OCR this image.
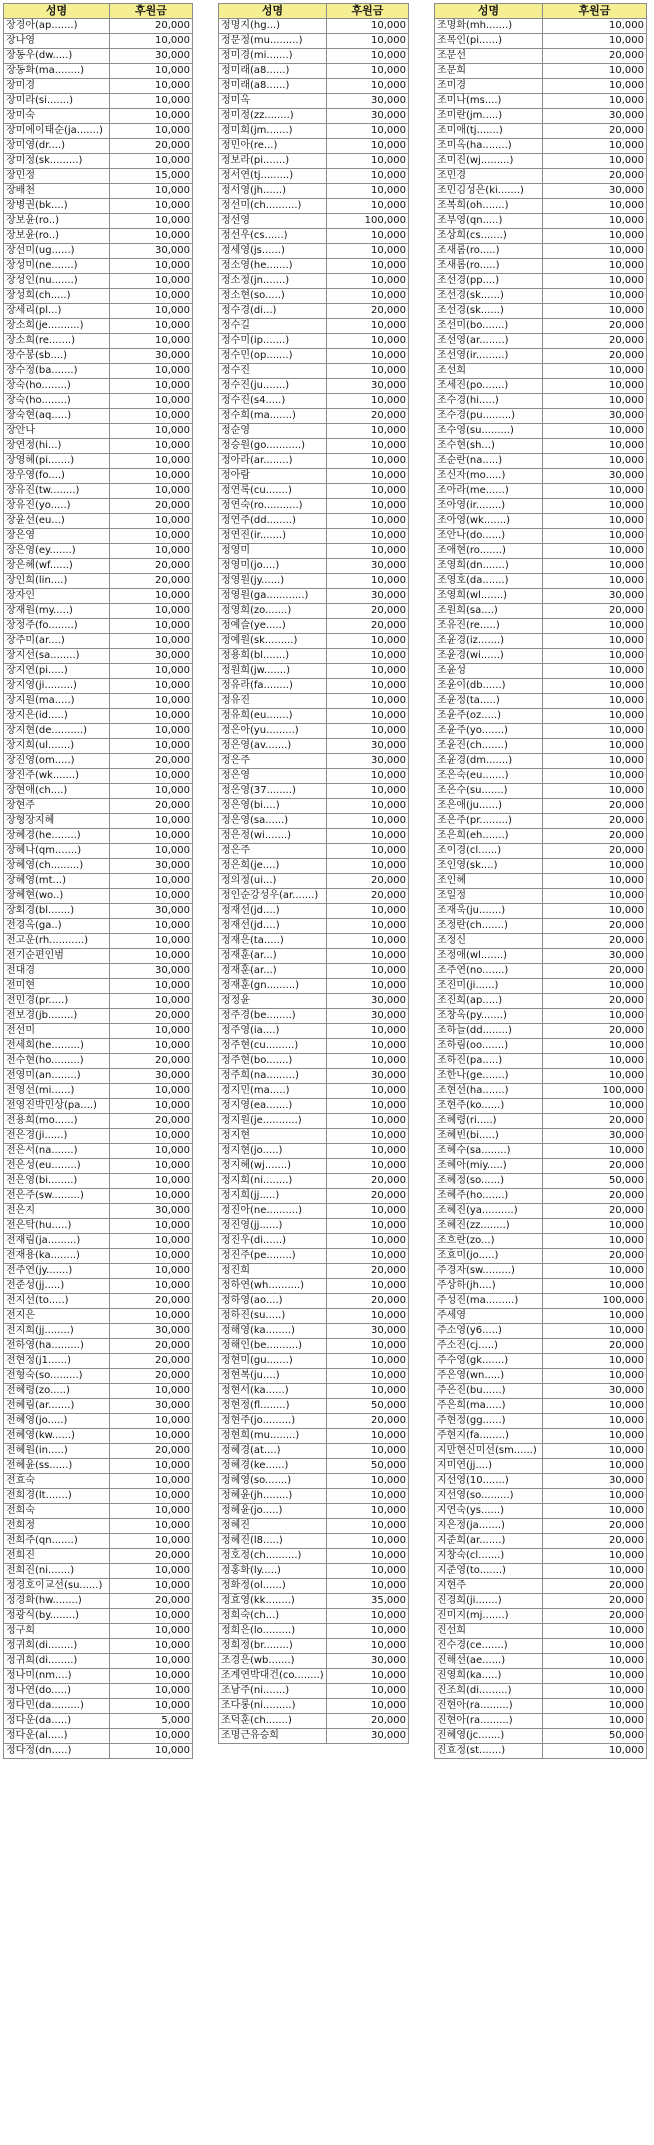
성명	후원금
장경아(ap.......)	20,000
장나영	10,000
장동우(dw.....)	30,000
장동화(ma........)	10,000
장미경	10,000
장미라(si.......)	10,000
장미숙	10,000
장미에이태순(ja.......)	10,000
장미영(dr....)	20,000
장미정(sk.........)	10,000
장민정	15,000
장배천	10,000
장병권(bk....)	10,000
장보윤(ro..)	10,000
장보윤(ro..)	10,000
장선미(ug......)	30,000
장성미(ne.......)	10,000
장성인(nu.......)	10,000
장성희(ch.....)	10,000
장세리(pl...)	10,000
장소희(je..........)	10,000
장소희(re.......)	10,000
장수봉(sb....)	30,000
장수정(ba.......)	10,000
장숙(ho........)	10,000
장숙(ho........)	10,000
장숙현(aq.....)	10,000
장안나	10,000
장연정(hi...)	10,000
장영혜(pi.......)	10,000
장우영(fo....)	10,000
장유진(tw........)	10,000
장유진(yo.....)	20,000
장윤선(eu...)	10,000
장은영	10,000
장은영(ey.......)	10,000
장은혜(wf......)	20,000
장인희(lin....)	20,000
장자인	10,000
장재원(my.....)	10,000
장정주(fo........)	10,000
장주미(ar....)	10,000
장지선(sa........)	30,000
장지연(pi.....)	10,000
장지영(ji.........)	10,000
장지원(ma.....)	10,000
장지은(id.....)	10,000
장지현(de..........)	10,000
장지희(ul.......)	10,000
장진영(om.....)	20,000
장진주(wk.......)	10,000
장현애(ch....)	10,000
장현주	20,000
장형장지혜	10,000
장혜경(he........)	10,000
장혜나(qm.......)	10,000
장혜영(ch.........)	30,000
장혜영(mt...)	10,000
장혜현(wo..)	10,000
장회경(bl.......)	30,000
전경옥(ga..)	10,000
전고운(rh...........)	10,000
전기순편인범	10,000
전대경	30,000
전미현	10,000
전민경(pr.....)	10,000
전보경(jb........)	20,000
전선미	10,000
전세희(he.........)	10,000
전수현(ho.........)	20,000
전영미(an........)	30,000
전영선(mi......)	10,000
전영진박민상(pa....)	10,000
전용희(mo......)	20,000
전은경(ji......)	10,000
전은서(na.......)	10,000
전은성(eu........)	10,000
전은영(bi........)	10,000
전은주(sw.........)	10,000
전은지	30,000
전은탁(hu.....)	10,000
전재림(ja.........)	10,000
전재용(ka........)	10,000
전주연(jy.......)	10,000
전준성(jj.....)	10,000
전지선(to.....)	20,000
전지은	10,000
전지희(jj........)	30,000
전하영(ha.........)	20,000
전현정(j1......)	20,000
전형숙(so.........)	20,000
전혜령(zo.....)	10,000
전혜림(ar.......)	30,000
전혜영(jo.....)	10,000
전혜영(kw......)	10,000
전혜원(in.....)	20,000
전혜윤(ss......)	10,000
전효숙	10,000
전희경(lt.......)	10,000
전희숙	10,000
전희정	10,000
전희주(qn.......)	10,000
전희진	20,000
전희진(ni.......)	10,000
정경호이교선(su......)	10,000
정경화(hw........)	20,000
정광식(by........)	10,000
정구희	10,000
정귀희(di........)	10,000
정귀희(di........)	10,000
정나미(nm....)	10,000
정나연(do.....)	10,000
정다민(da.........)	10,000
정다운(da.....)	5,000
정다운(al.....)	10,000
정다정(dn.....)	10,000
성명	후원금
정명지(hg...)	10,000
정문정(mu.........)	10,000
정미경(mi.......)	10,000
정미래(a8......)	10,000
정미래(a8......)	10,000
정미옥	30,000
정미정(zz........)	30,000
정미희(jm.......)	10,000
정민아(re...)	10,000
정보라(pi.......)	10,000
정서연(tj.........)	10,000
정서영(jh......)	10,000
정선미(ch..........)	10,000
정선영	100,000
정선우(cs......)	10,000
정세영(js......)	10,000
정소영(he.......)	10,000
정소정(jn.......)	10,000
정소현(so.....)	10,000
정수경(di...)	20,000
정수길	10,000
정수미(ip.......)	10,000
정수민(op.......)	10,000
정수진	10,000
정수진(ju.......)	30,000
정수진(s4.....)	10,000
정수희(ma.......)	20,000
정순영	10,000
정승원(go...........)	10,000
정아라(ar........)	10,000
정아람	10,000
정연록(cu.......)	10,000
정연숙(ro...........)	10,000
정연주(dd........)	10,000
정연진(ir.......)	10,000
정영미	10,000
정영미(jo....)	30,000
정영원(jy......)	10,000
정영원(ga............)	30,000
정영희(zo.......)	20,000
정예슬(ye.....)	20,000
정예원(sk.........)	10,000
정용희(bl.......)	10,000
정원희(jw.......)	10,000
정유라(fa........)	10,000
정유진	10,000
정유희(eu.......)	10,000
정은아(yu.........)	10,000
정은영(av.......)	30,000
정은주	30,000
정은영	10,000
정은영(37........)	10,000
정은영(bi....)	10,000
정은영(sa......)	10,000
정은정(wi.......)	10,000
정은주	10,000
정은희(je....)	10,000
정의정(ui...)	20,000
정인순강성우(ar.......)	20,000
정재선(jd....)	10,000
정재선(jd....)	10,000
정재은(ta.....)	10,000
정재훈(ar...)	10,000
정재훈(ar...)	10,000
정재훈(gn.........)	10,000
정정윤	30,000
정주경(be........)	30,000
정주영(ia....)	10,000
정주현(cu.........)	10,000
정주현(bo.......)	10,000
정주희(na.........)	30,000
정지민(ma.....)	10,000
정지영(ea.......)	10,000
정지원(je...........)	10,000
정지현	10,000
정지현(jo.....)	10,000
정지혜(wj.......)	10,000
정지희(ni........)	20,000
정지희(jj.....)	20,000
정진아(ne..........)	10,000
정진영(jj......)	10,000
정진우(di......)	10,000
정진주(pe........)	10,000
정진희	20,000
정하연(wh..........)	10,000
정하영(ao....)	20,000
정하진(su.....)	10,000
정해영(ka........)	30,000
정해인(be..........)	10,000
정현미(gu.......)	10,000
정현복(ju....)	10,000
정현서(ka......)	10,000
정현정(fl........)	50,000
정현주(jo.........)	20,000
정현희(mu........)	10,000
정혜경(at....)	10,000
정혜경(ke......)	50,000
정혜영(so.......)	10,000
정혜윤(jh........)	10,000
정혜윤(jo.....)	10,000
정혜진	10,000
정혜진(l8.....)	10,000
정호정(ch..........)	10,000
정홍화(ly.....)	10,000
정화정(ol......)	10,000
정효영(kk........)	35,000
정희숙(ch...)	10,000
정희은(lo.........)	10,000
정희정(br........)	10,000
조경은(wb.......)	30,000
조계연박대건(co........)	10,000
조남주(ni.......)	10,000
조다롱(ni.........)	10,000
조덕훈(ch.......)	20,000
조명근유승희	30,000
성명	후원금
조명화(mh.......)	10,000
조목인(pi......)	10,000
조문선	20,000
조문희	10,000
조미경	10,000
조미나(ms....)	10,000
조미란(jm.....)	30,000
조미애(tj.......)	20,000
조미옥(ha........)	10,000
조미진(wj.........)	10,000
조민경	20,000
조민김성은(ki.......)	30,000
조복희(oh.......)	10,000
조부영(qn.....)	10,000
조상희(cs.......)	10,000
조새롬(ro.....)	10,000
조새롬(ro.....)	10,000
조선경(pp....)	10,000
조선경(sk......)	10,000
조선경(sk......)	10,000
조선미(bo.......)	20,000
조선영(ar........)	20,000
조선영(ir.........)	20,000
조선희	10,000
조세진(po.......)	10,000
조수경(hi.....)	10,000
조수경(pu.........)	30,000
조수영(su.........)	10,000
조수현(sh...)	10,000
조순란(na.....)	10,000
조신자(mo.....)	30,000
조아라(me......)	10,000
조아영(ir........)	10,000
조아영(wk.......)	10,000
조안나(do......)	10,000
조애현(ro.......)	10,000
조영희(dn.......)	10,000
조영호(da.......)	10,000
조영희(wl.......)	30,000
조원희(sa....)	20,000
조유진(re.....)	10,000
조윤경(iz.......)	10,000
조윤경(wi......)	10,000
조윤성	10,000
조윤이(db......)	10,000
조윤정(ta.....)	10,000
조윤주(oz.....)	10,000
조윤주(yo.......)	10,000
조윤진(ch.......)	10,000
조윤경(dm.......)	10,000
조은숙(eu.......)	10,000
조은수(su.......)	10,000
조은애(ju......)	20,000
조은주(pr.........)	20,000
조은희(eh.......)	20,000
조이경(cl......)	20,000
조인영(sk....)	10,000
조인혜	10,000
조일정	10,000
조재욱(ju.......)	10,000
조정란(ch.......)	20,000
조정신	20,000
조정애(wl.......)	30,000
조주연(no.......)	20,000
조진미(ji......)	10,000
조진희(ap.....)	20,000
조창옥(py.......)	10,000
조하늘(dd........)	20,000
조하림(oo.......)	10,000
조하진(pa.....)	10,000
조한나(ge.......)	10,000
조현선(ha.......)	100,000
조현주(ko......)	10,000
조혜령(ri.....)	20,000
조혜빈(bi.....)	30,000
조혜수(sa........)	10,000
조혜아(miy.....)	20,000
조혜정(so......)	50,000
조혜주(ho.......)	20,000
조혜진(ya..........)	20,000
조혜진(zz........)	10,000
조흐란(zo...)	10,000
조효미(jo.....)	20,000
주경자(sw.........)	10,000
주상하(jh....)	10,000
주성진(ma.........)	100,000
주세영	10,000
주소영(y6.....)	10,000
주소진(cj.....)	20,000
주수영(gk.......)	10,000
주은영(wn.....)	10,000
주은진(bu......)	30,000
주은희(ma.....)	10,000
주현정(gg......)	10,000
주현지(fa........)	10,000
지만현신미선(sm......)	10,000
지미연(jj....)	10,000
지선영(10.......)	30,000
지선영(so.........)	10,000
지연숙(ys......)	10,000
지은정(ja.......)	20,000
지준희(ar.......)	20,000
지창숙(cl.......)	10,000
지준영(to.......)	10,000
지현주	20,000
진경희(ji.......)	20,000
진미지(mj.......)	20,000
진선희	10,000
진수경(ce.......)	10,000
진해선(ae......)	10,000
진영희(ka.....)	10,000
진조희(di.........)	10,000
진현아(ra.........)	10,000
진현아(ra.........)	10,000
진혜영(jc.......)	50,000
진효정(st.......)	10,000
